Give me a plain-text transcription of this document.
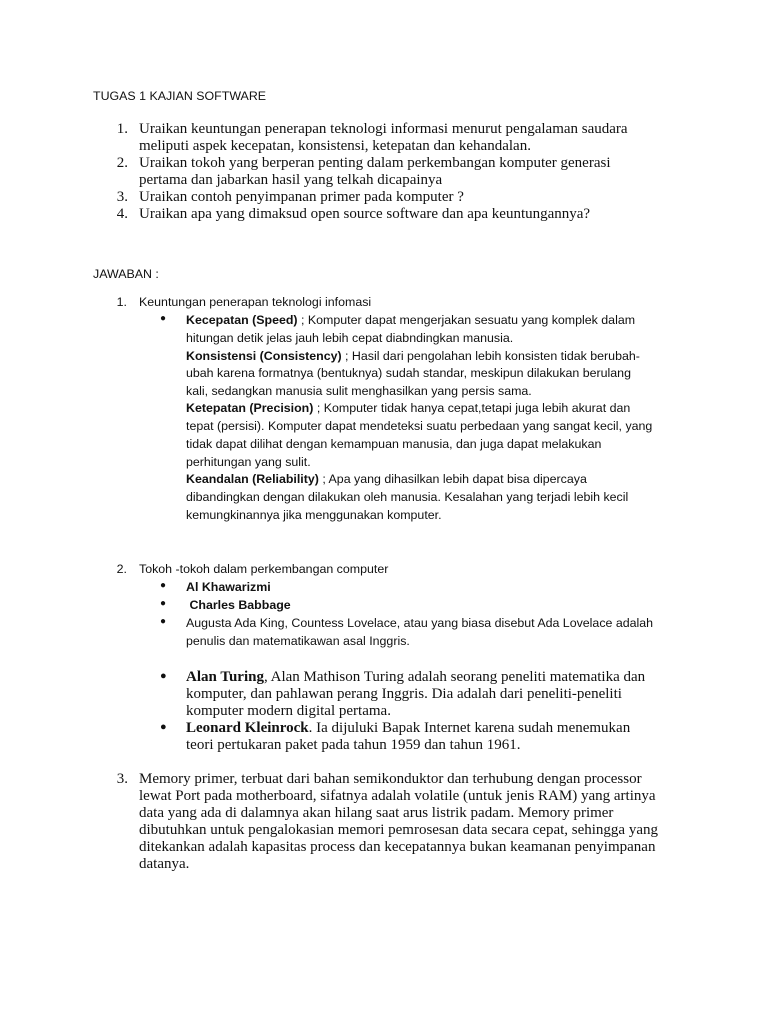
TUGAS 1 KAJIAN SOFTWARE
1. Uraikan keuntungan penerapan teknologi informasi menurut pengalaman saudara
meliputi aspek kecepatan, konsistensi, ketepatan dan kehandalan.
2. Uraikan tokoh yang berperan penting dalam perkembangan komputer generasi
pertama dan jabarkan hasil yang telkah dicapainya
3. Uraikan contoh penyimpanan primer pada komputer ?
4. Uraikan apa yang dimaksud open source software dan apa keuntungannya?
JAWABAN :
1. Keuntungan penerapan teknologi infomasi
● Kecepatan (Speed) ; Komputer dapat mengerjakan sesuatu yang komplek dalam
hitungan detik jelas jauh lebih cepat diabndingkan manusia.
Konsistensi (Consistency) ; Hasil dari pengolahan lebih konsisten tidak berubah-
ubah karena formatnya (bentuknya) sudah standar, meskipun dilakukan berulang
kali, sedangkan manusia sulit menghasilkan yang persis sama.
Ketepatan (Precision) ; Komputer tidak hanya cepat,tetapi juga lebih akurat dan
tepat (persisi). Komputer dapat mendeteksi suatu perbedaan yang sangat kecil, yang
tidak dapat dilihat dengan kemampuan manusia, dan juga dapat melakukan
perhitungan yang sulit.
Keandalan (Reliability) ; Apa yang dihasilkan lebih dapat bisa dipercaya
dibandingkan dengan dilakukan oleh manusia. Kesalahan yang terjadi lebih kecil
kemungkinannya jika menggunakan komputer.
2. Tokoh -tokoh dalam perkembangan computer
● Al Khawarizmi
● Charles Babbage
● Augusta Ada King, Countess Lovelace, atau yang biasa disebut Ada Lovelace adalah
penulis dan matematikawan asal Inggris.
● Alan Turing, Alan Mathison Turing adalah seorang peneliti matematika dan
komputer, dan pahlawan perang Inggris. Dia adalah dari peneliti-peneliti
komputer modern digital pertama.
● Leonard Kleinrock. Ia dijuluki Bapak Internet karena sudah menemukan
teori pertukaran paket pada tahun 1959 dan tahun 1961.
3. Memory primer, terbuat dari bahan semikonduktor dan terhubung dengan processor
lewat Port pada motherboard, sifatnya adalah volatile (untuk jenis RAM) yang artinya
data yang ada di dalamnya akan hilang saat arus listrik padam. Memory primer
dibutuhkan untuk pengalokasian memori pemrosesan data secara cepat, sehingga yang
ditekankan adalah kapasitas process dan kecepatannya bukan keamanan penyimpanan
datanya.
